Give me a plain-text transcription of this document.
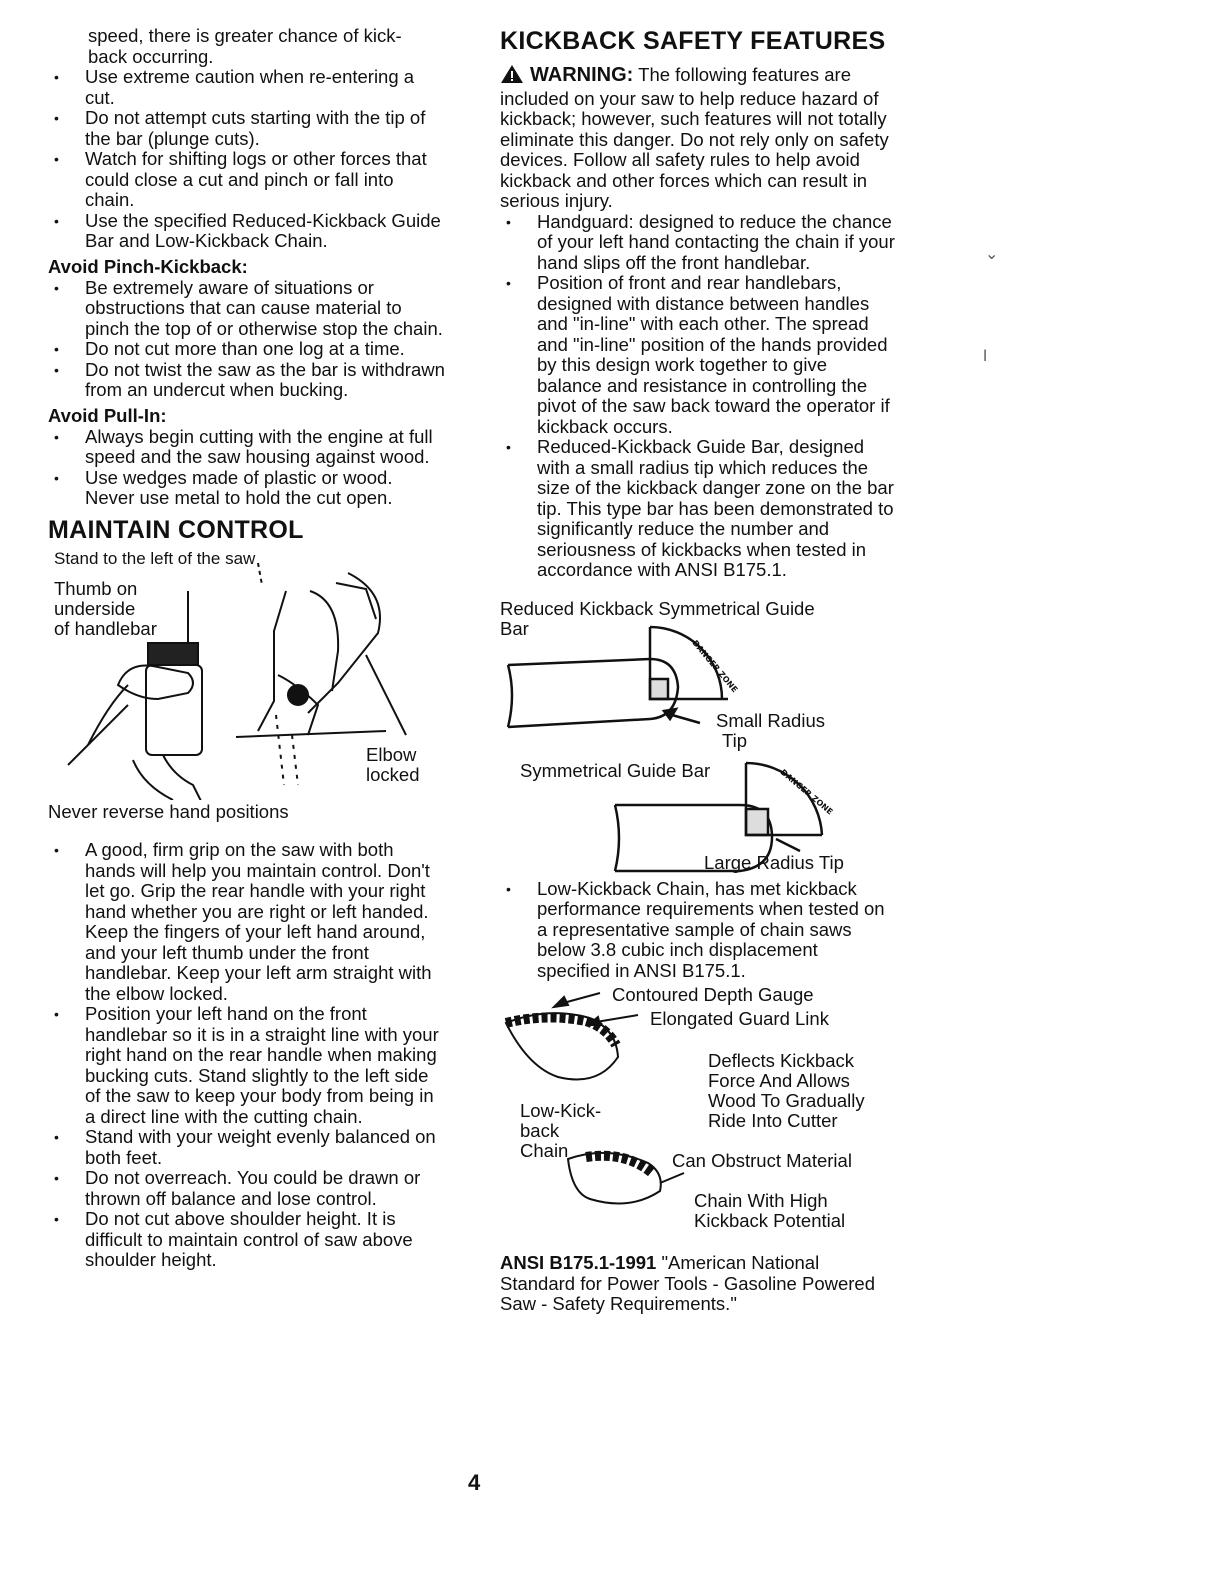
speed, there is greater chance of kick-

back occurring.

• Use extreme caution when re-entering a cut.
• Do not attempt cuts starting with the tip of the bar (plunge cuts).
• Watch for shifting logs or other forces that could close a cut and pinch or fall into chain.
• Use the specified Reduced-Kickback Guide Bar and Low-Kickback Chain.

Avoid Pinch-Kickback:

• Be extremely aware of situations or obstructions that can cause material to pinch the top of or otherwise stop the chain.
• Do not cut more than one log at a time.
• Do not twist the saw as the bar is withdrawn from an undercut when bucking.

Avoid Pull-In:

• Always begin cutting with the engine at full speed and the saw housing against wood.
• Use wedges made of plastic or wood. Never use metal to hold the cut open.

MAINTAIN CONTROL

Stand to the left of the saw
Thumb on
underside
of handlebar
Elbow
locked

Never reverse hand positions

• A good, firm grip on the saw with both hands will help you maintain control. Don't let go. Grip the rear handle with your right hand whether you are right or left handed. Keep the fingers of your left hand around, and your left thumb under the front handlebar. Keep your left arm straight with the elbow locked.
• Position your left hand on the front handlebar so it is in a straight line with your right hand on the rear handle when making bucking cuts. Stand slightly to the left side of the saw to keep your body from being in a direct line with the cutting chain.
• Stand with your weight evenly balanced on both feet.
• Do not overreach. You could be drawn or thrown off balance and lose control.
• Do not cut above shoulder height. It is difficult to maintain control of saw above shoulder height.

KICKBACK SAFETY FEATURES

WARNING: The following features are included on your saw to help reduce hazard of kickback; however, such features will not totally eliminate this danger. Do not rely only on safety devices. Follow all safety rules to help avoid kickback and other forces which can result in serious injury.

• Handguard: designed to reduce the chance of your left hand contacting the chain if your hand slips off the front handlebar.
• Position of front and rear handlebars, designed with distance between handles and "in-line" with each other. The spread and "in-line" position of the hands provided by this design work together to give balance and resistance in controlling the pivot of the saw back toward the operator if kickback occurs.
• Reduced-Kickback Guide Bar, designed with a small radius tip which reduces the size of the kickback danger zone on the bar tip. This type bar has been demonstrated to significantly reduce the number and seriousness of kickbacks when tested in accordance with ANSI B175.1.
Reduced Kickback Symmetrical Guide
Bar
Small Radius
Tip
Symmetrical Guide Bar
Large Radius Tip
DANGER ZONE
DANGER ZONE
• Low-Kickback Chain, has met kickback performance requirements when tested on a representative sample of chain saws below 3.8 cubic inch displacement specified in ANSI B175.1.
Contoured Depth Gauge
Elongated Guard Link
Deflects Kickback
Force And Allows
Wood To Gradually
Ride Into Cutter
Low-Kick-
back
Chain	Can Obstruct Material
Chain With High
Kickback Potential

ANSI B175.1-1991 "American National Standard for Power Tools - Gasoline Powered Saw - Safety Requirements."

⌄
ǀ
4
